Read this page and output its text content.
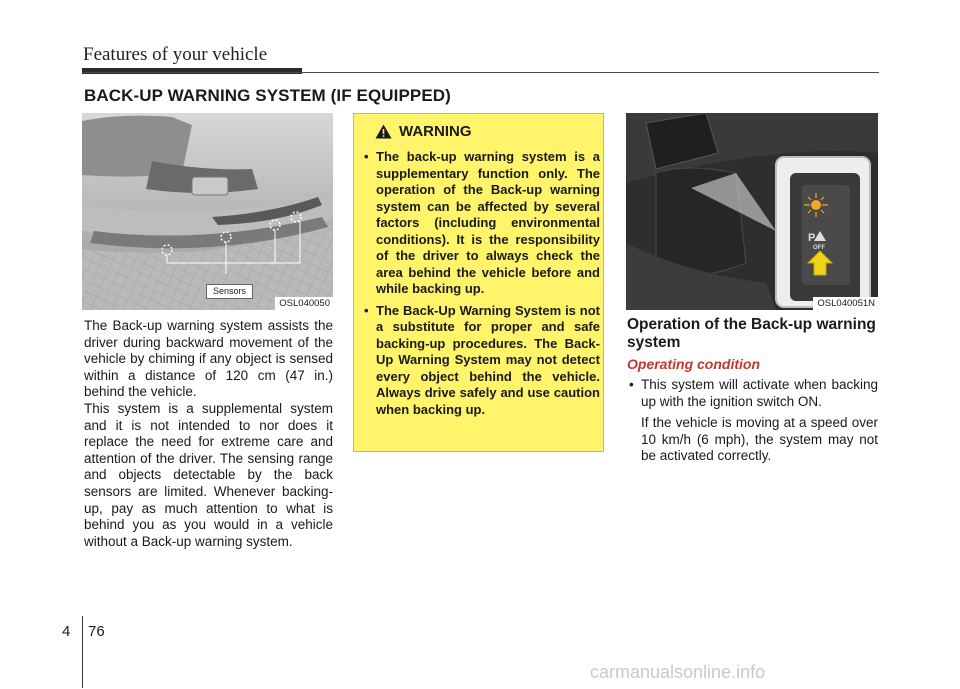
Features of your vehicle
BACK-UP WARNING SYSTEM (IF EQUIPPED)
Sensors
OSL040050
The Back-up warning system assists the driver during backward movement of the vehicle by chiming if any object is sensed within a distance of 120 cm (47 in.) behind the vehicle.
This system is a supplemental system and it is not intended to nor does it replace the need for extreme care and attention of the driver. The sensing range and objects detectable by the back sensors are limited. Whenever backing-up, pay as much attention to what is behind you as you would in a vehicle without a Back-up warning system.
WARNING
• The back-up warning system is a supplementary function only. The operation of the Back-up warning system can be affected by several factors (including environmental conditions). It is the responsibility of the driver to always check the area behind the vehicle before and while backing up.
• The Back-Up Warning System is not a substitute for proper and safe backing-up procedures. The Back-Up Warning System may not detect every object behind the vehicle. Always drive safely and use caution when backing up.
P
OFF
OSL040051N
Operation of the Back-up warning system
Operating condition
• This system will activate when backing up with the ignition switch ON.

If the vehicle is moving at a speed over 10 km/h (6 mph), the system may not be activated correctly.

4 76
carmanualsonline.info
